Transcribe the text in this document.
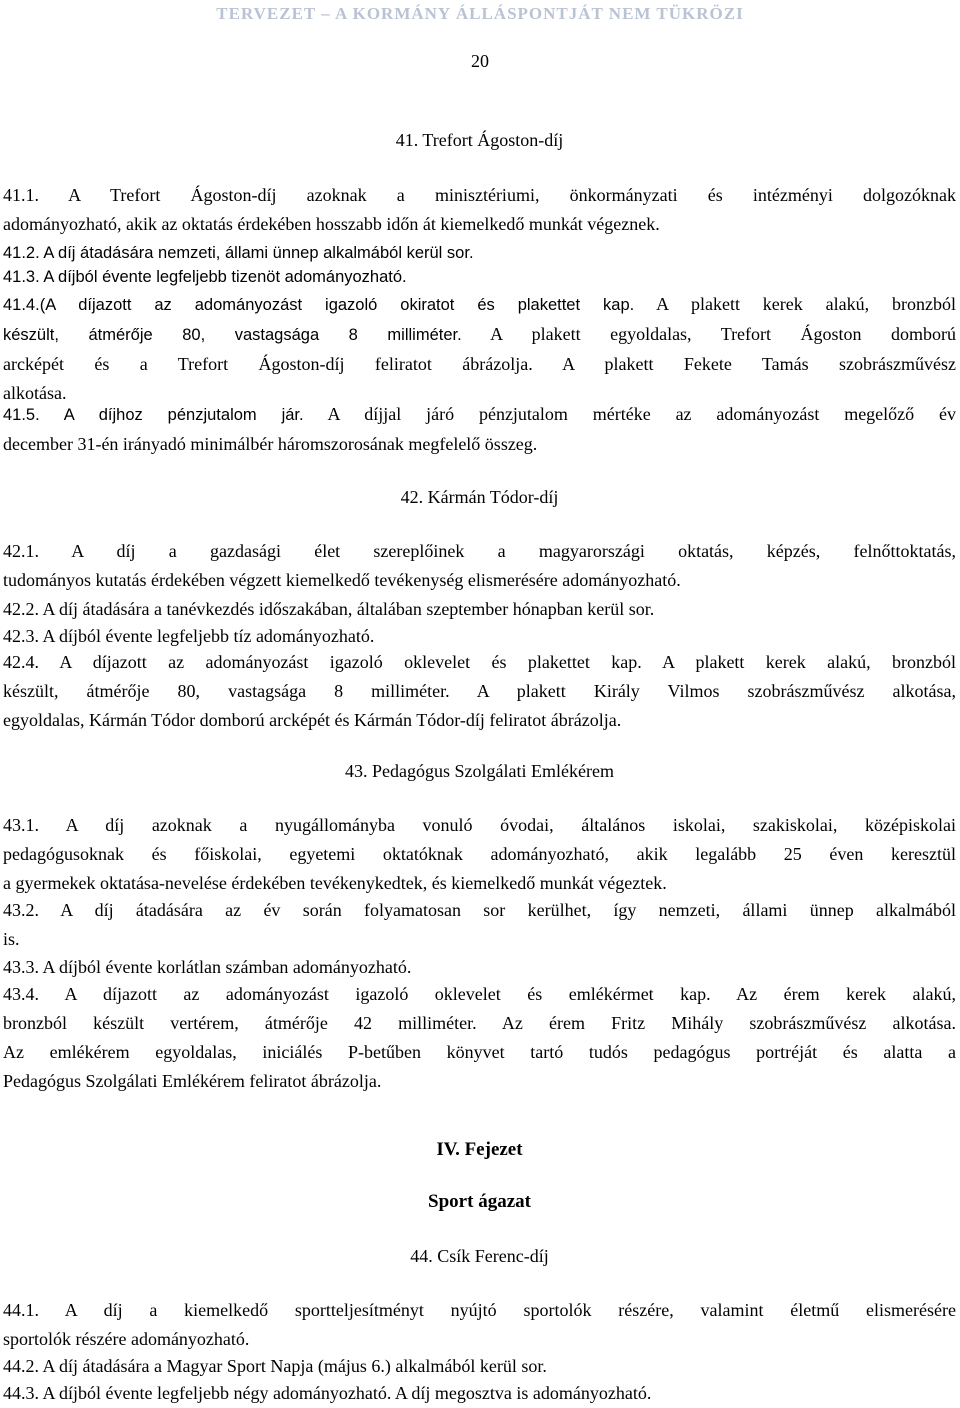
TERVEZET – A KORMÁNY ÁLLÁSPONTJÁT NEM TÜKRÖZI
20
41. Trefort Ágoston-díj
41.1. A Trefort Ágoston-díj azoknak a minisztériumi, önkormányzati és intézményi dolgozóknak
adományozható, akik az oktatás érdekében hosszabb időn át kiemelkedő munkát végeznek.
41.2. A díj átadására nemzeti, állami ünnep alkalmából kerül sor.
41.3. A díjból évente legfeljebb tizenöt adományozható.
41.4.(A díjazott az adományozást igazoló okiratot és plakettet kap. A plakett kerek alakú, bronzból
készült, átmérője 80, vastagsága 8 milliméter. A plakett egyoldalas, Trefort Ágoston domború
arcképét és a Trefort Ágoston-díj feliratot ábrázolja. A plakett Fekete Tamás szobrászművész
alkotása.
41.5. A díjhoz pénzjutalom jár. A díjjal járó pénzjutalom mértéke az adományozást megelőző év
december 31-én irányadó minimálbér háromszorosának megfelelő összeg.
42. Kármán Tódor-díj
42.1. A díj a gazdasági élet szereplőinek a magyarországi oktatás, képzés, felnőttoktatás,
tudományos kutatás érdekében végzett kiemelkedő tevékenység elismerésére adományozható.
42.2. A díj átadására a tanévkezdés időszakában, általában szeptember hónapban kerül sor.
42.3. A díjból évente legfeljebb tíz adományozható.
42.4. A díjazott az adományozást igazoló oklevelet és plakettet kap. A plakett kerek alakú, bronzból
készült, átmérője 80, vastagsága 8 milliméter. A plakett Király Vilmos szobrászművész alkotása,
egyoldalas, Kármán Tódor domború arcképét és Kármán Tódor-díj feliratot ábrázolja.
43. Pedagógus Szolgálati Emlékérem
43.1. A díj azoknak a nyugállományba vonuló óvodai, általános iskolai, szakiskolai, középiskolai
pedagógusoknak és főiskolai, egyetemi oktatóknak adományozható, akik legalább 25 éven keresztül
a gyermekek oktatása-nevelése érdekében tevékenykedtek, és kiemelkedő munkát végeztek.
43.2. A díj átadására az év során folyamatosan sor kerülhet, így nemzeti, állami ünnep alkalmából
is.
43.3. A díjból évente korlátlan számban adományozható.
43.4. A díjazott az adományozást igazoló oklevelet és emlékérmet kap. Az érem kerek alakú,
bronzból készült vertérem, átmérője 42 milliméter. Az érem Fritz Mihály szobrászművész alkotása.
Az emlékérem egyoldalas, iniciálés P-betűben könyvet tartó tudós pedagógus portréját és alatta a
Pedagógus Szolgálati Emlékérem feliratot ábrázolja.
IV. Fejezet
Sport ágazat
44. Csík Ferenc-díj
44.1. A díj a kiemelkedő sportteljesítményt nyújtó sportolók részére, valamint életmű elismerésére
sportolók részére adományozható.
44.2. A díj átadására a Magyar Sport Napja (május 6.) alkalmából kerül sor.
44.3. A díjból évente legfeljebb négy adományozható. A díj megosztva is adományozható.
